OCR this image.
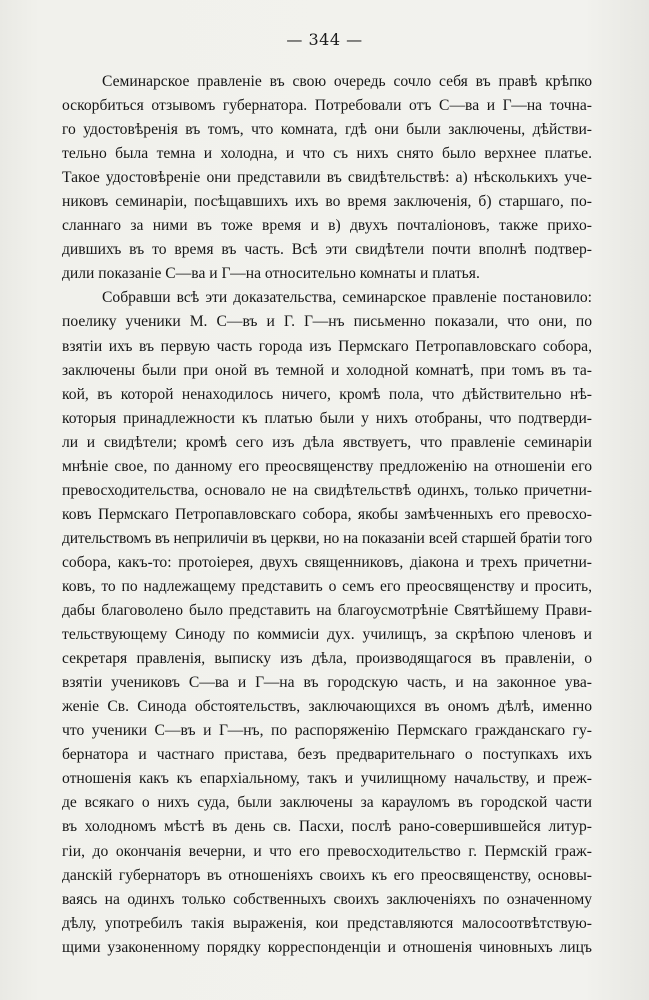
— 344 —
Семинарское правленіе въ свою очередь сочло себя въ правѣ крѣпко
оскорбиться отзывомъ губернатора. Потребовали отъ С—ва и Г—на точна-
го удостовѣренія въ томъ, что комната, гдѣ они были заключены, дѣйстви-
тельно была темна и холодна, и что съ нихъ снято было верхнее платье.
Такое удостовѣреніе они представили въ свидѣтельствѣ: а) нѣсколькихъ уче-
никовъ семинаріи, посѣщавшихъ ихъ во время заключенія, б) старшаго, по-
сланнаго за ними въ тоже время и в) двухъ почталіоновъ, также прихо-
дившихъ въ то время въ часть. Всѣ эти свидѣтели почти вполнѣ подтвер-
дили показаніе С—ва и Г—на относительно комнаты и платья.
Собравши всѣ эти доказательства, семинарское правленіе постановило:
поелику ученики М. С—въ и Г. Г—нъ письменно показали, что они, по
взятіи ихъ въ первую часть города изъ Пермскаго Петропавловскаго собора,
заключены были при оной въ темной и холодной комнатѣ, при томъ въ та-
кой, въ которой ненаходилось ничего, кромѣ пола, что дѣйствительно нѣ-
которыя принадлежности къ платью были у нихъ отобраны, что подтверди-
ли и свидѣтели; кромѣ сего изъ дѣла явствуетъ, что правленіе семинаріи
мнѣніе свое, по данному его преосвященству предложенію на отношеніи его
превосходительства, основало не на свидѣтельствѣ одинхъ, только причетни-
ковъ Пермскаго Петропавловскаго собора, якобы замѣченныхъ его превосхо-
дительствомъ въ неприличіи въ церкви, но на показаніи всей старшей братіи того
собора, какъ-то: протоіерея, двухъ священниковъ, діакона и трехъ причетни-
ковъ, то по надлежащему представить о семъ его преосвященству и просить,
дабы благоволено было представить на благоусмотрѣніе Святѣйшему Прави-
тельствующему Синоду по коммисіи дух. училищъ, за скрѣпою членовъ и
секретаря правленія, выписку изъ дѣла, производящагося въ правленіи, о
взятіи учениковъ С—ва и Г—на въ городскую часть, и на законное ува-
женіе Св. Синода обстоятельствъ, заключающихся въ ономъ дѣлѣ, именно
что ученики С—въ и Г—нъ, по распоряженію Пермскаго гражданскаго гу-
бернатора и частнаго пристава, безъ предварительнаго о поступкахъ ихъ
отношенія какъ къ епархіальному, такъ и училищному начальству, и преж-
де всякаго о нихъ суда, были заключены за карауломъ въ городской части
въ холодномъ мѣстѣ въ день св. Пасхи, послѣ рано-совершившейся литур-
гіи, до окончанія вечерни, и что его превосходительство г. Пермскій граж-
данскій губернаторъ въ отношеніяхъ своихъ къ его преосвященству, основы-
ваясь на одинхъ только собственныхъ своихъ заключеніяхъ по означенному
дѣлу, употребилъ такія выраженія, кои представляются малосоотвѣтствую-
щими узаконенному порядку корреспонденціи и отношенія чиновныхъ лицъ
